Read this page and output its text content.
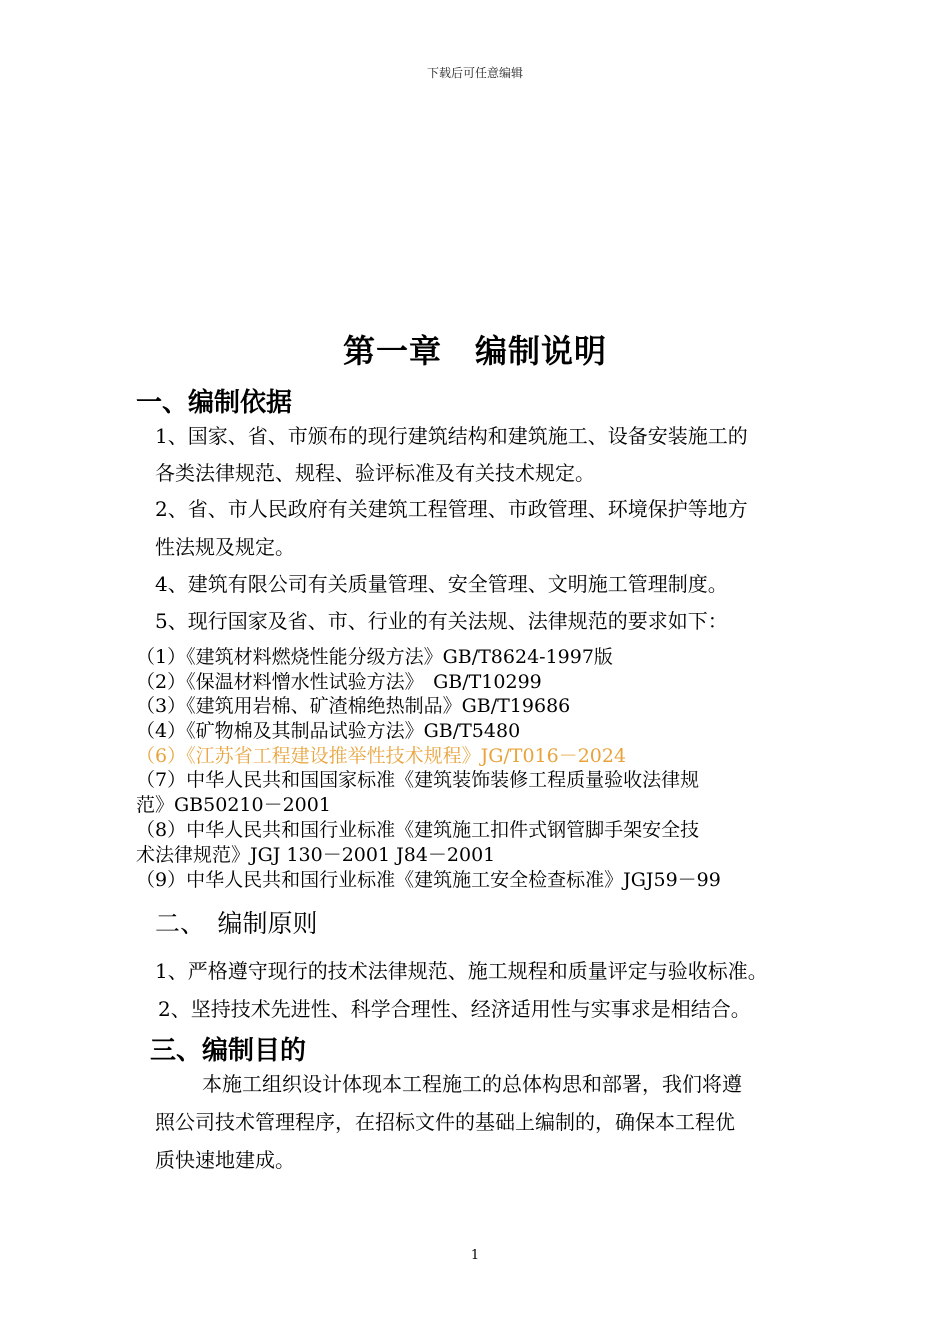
下载后可任意编辑
第一章　编制说明
一、编制依据
1、国家、省、市颁布的现行建筑结构和建筑施工、设备安装施工的
各类法律规范、规程、验评标准及有关技术规定。
2、省、市人民政府有关建筑工程管理、市政管理、环境保护等地方
性法规及规定。
4、建筑有限公司有关质量管理、安全管理、文明施工管理制度。
5、现行国家及省、市、行业的有关法规、法律规范的要求如下：
（1）《建筑材料燃烧性能分级方法》GB/T8624-1997版
（2）《保温材料憎水性试验方法》　GB/T10299
（3）《建筑用岩棉、矿渣棉绝热制品》GB/T19686
（4）《矿物棉及其制品试验方法》GB/T5480
（6）《江苏省工程建设推举性技术规程》JG/T016－2024
（7）中华人民共和国国家标准《建筑装饰装修工程质量验收法律规
范》GB50210－2001
（8）中华人民共和国行业标准《建筑施工扣件式钢管脚手架安全技
术法律规范》JGJ 130－2001 J84－2001
（9）中华人民共和国行业标准《建筑施工安全检查标准》JGJ59－99
二、　编制原则
1、严格遵守现行的技术法律规范、施工规程和质量评定与验收标准。
2、坚持技术先进性、科学合理性、经济适用性与实事求是相结合。
三、编制目的
本施工组织设计体现本工程施工的总体构思和部署，我们将遵
照公司技术管理程序，在招标文件的基础上编制的，确保本工程优
质快速地建成。
1
